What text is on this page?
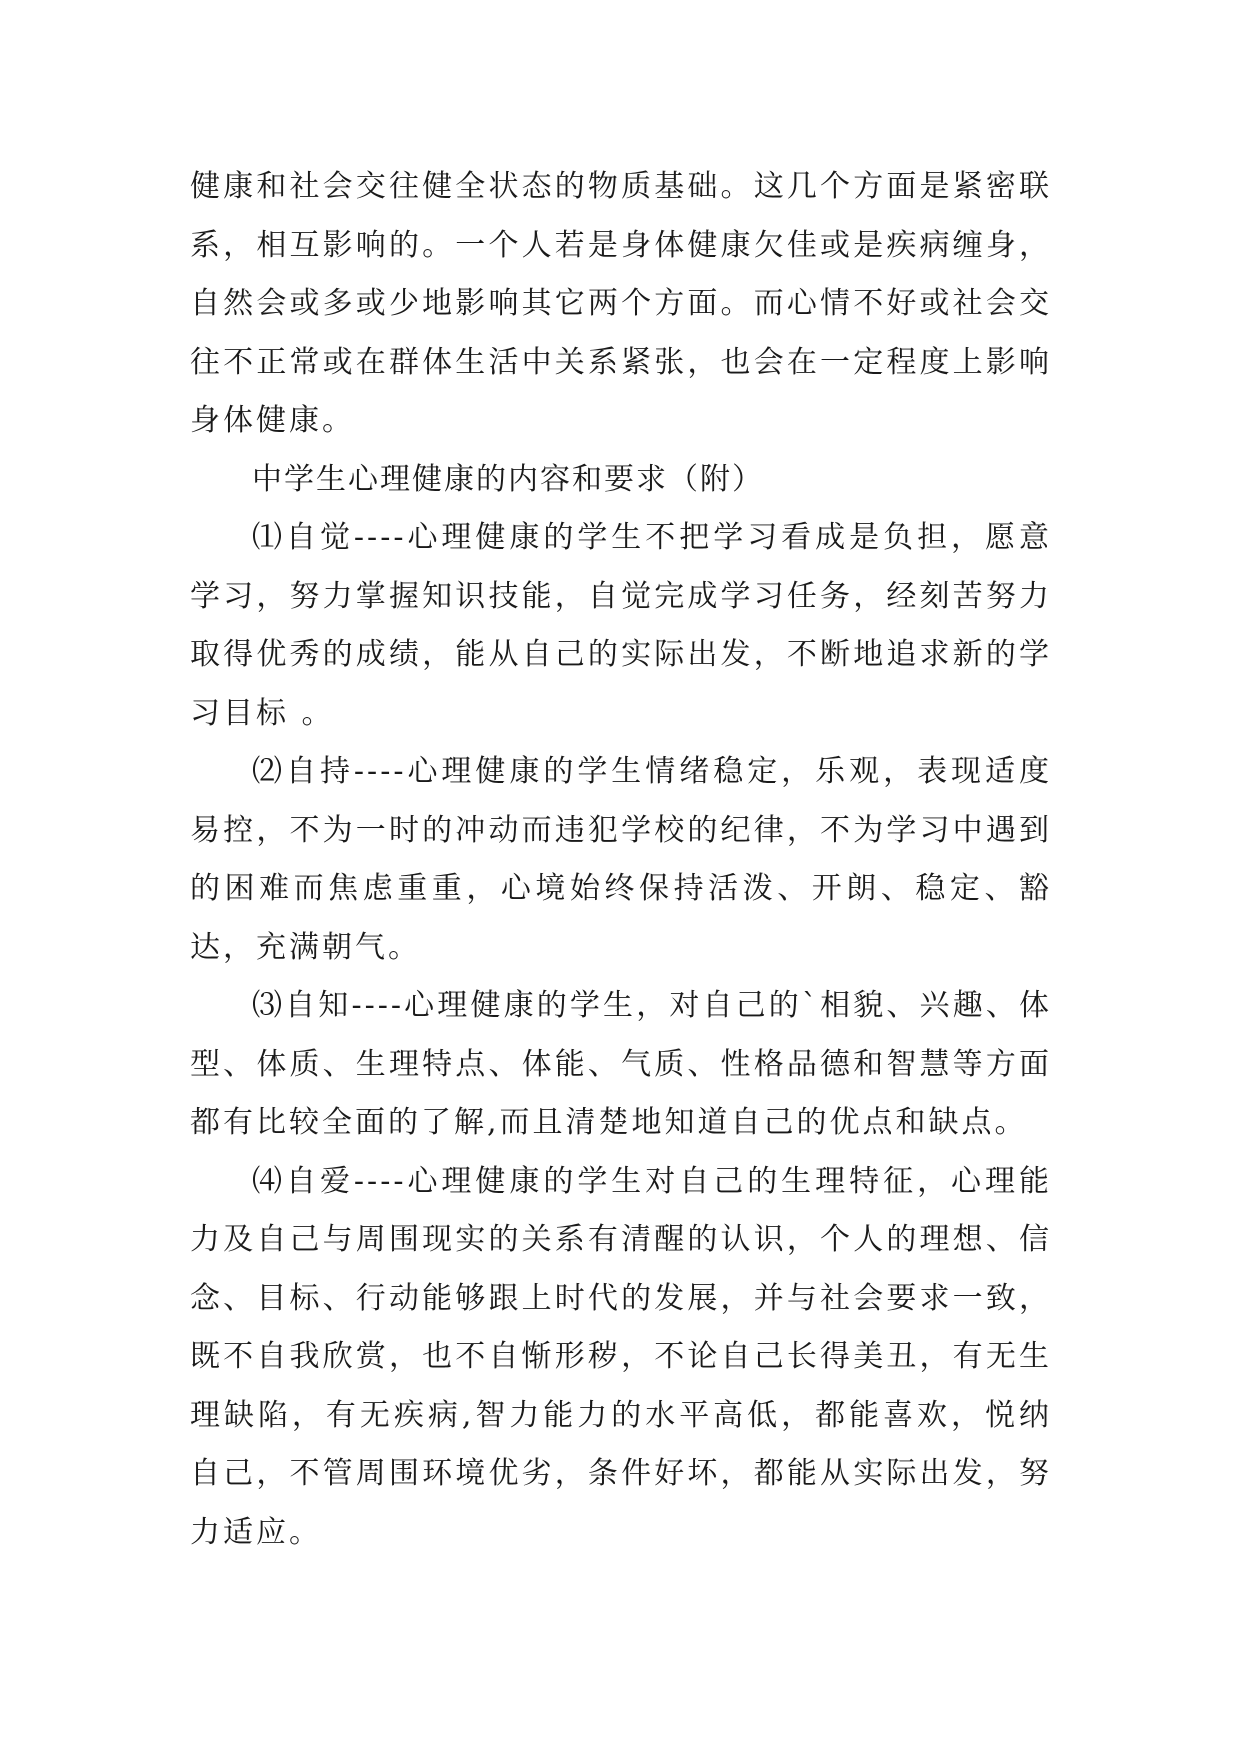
健康和社会交往健全状态的物质基础。这几个方面是紧密联系，相互影响的。一个人若是身体健康欠佳或是疾病缠身，自然会或多或少地影响其它两个方面。而心情不好或社会交往不正常或在群体生活中关系紧张，也会在一定程度上影响身体健康。

中学生心理健康的内容和要求（附）

⑴自觉----心理健康的学生不把学习看成是负担，愿意学习，努力掌握知识技能，自觉完成学习任务，经刻苦努力取得优秀的成绩，能从自己的实际出发，不断地追求新的学习目标 。

⑵自持----心理健康的学生情绪稳定，乐观，表现适度易控，不为一时的冲动而违犯学校的纪律，不为学习中遇到的困难而焦虑重重，心境始终保持活泼、开朗、稳定、豁达，充满朝气。

⑶自知----心理健康的学生，对自己的`相貌、兴趣、体型、体质、生理特点、体能、气质、性格品德和智慧等方面都有比较全面的了解,而且清楚地知道自己的优点和缺点。

⑷自爱----心理健康的学生对自己的生理特征，心理能力及自己与周围现实的关系有清醒的认识，个人的理想、信念、目标、行动能够跟上时代的发展，并与社会要求一致，既不自我欣赏，也不自惭形秽，不论自己长得美丑，有无生理缺陷，有无疾病,智力能力的水平高低，都能喜欢，悦纳自己，不管周围环境优劣，条件好坏，都能从实际出发，努力适应。
